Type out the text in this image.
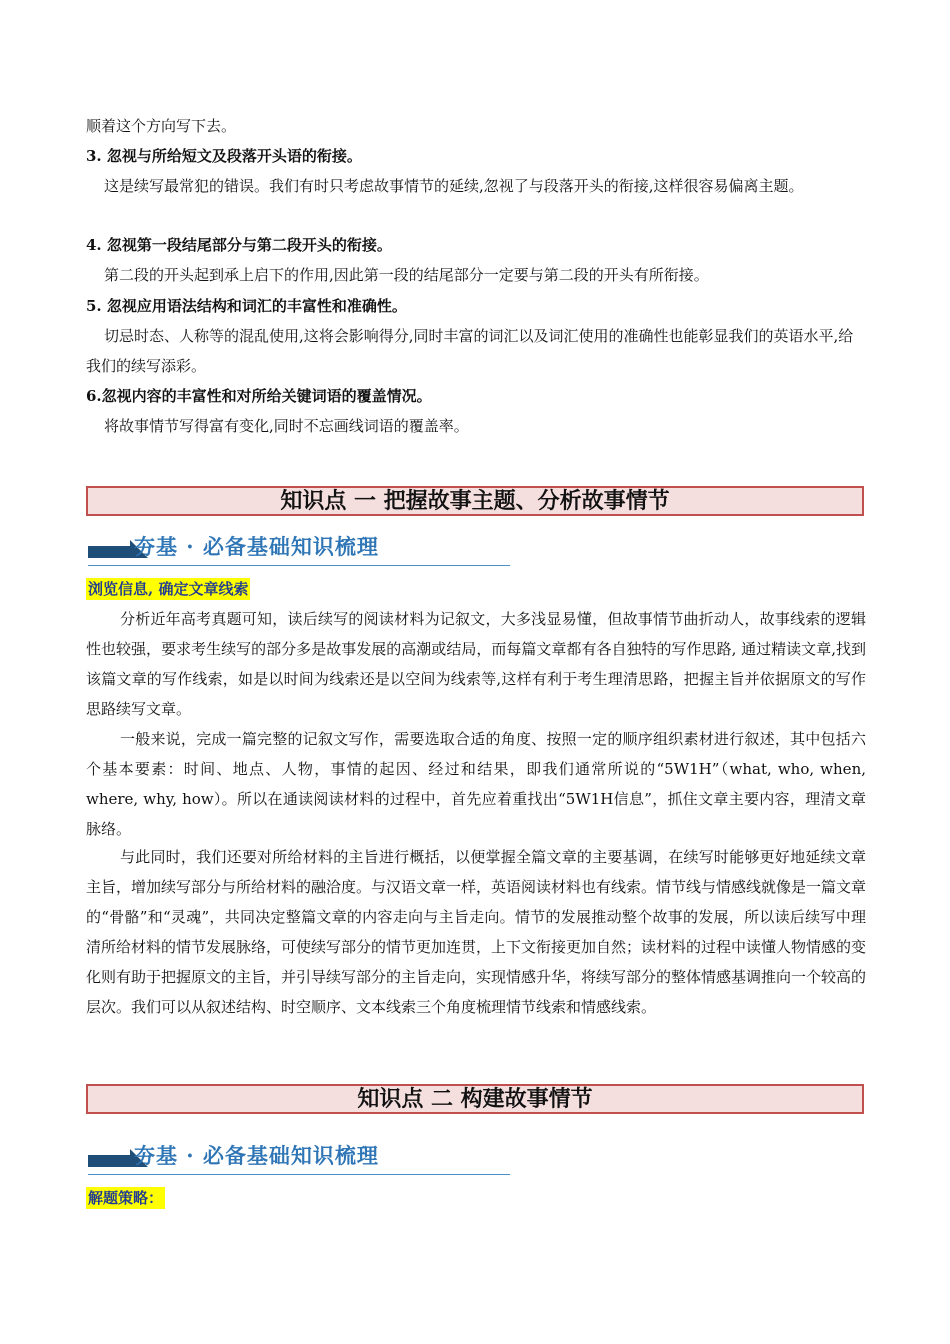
顺着这个方向写下去。
3. 忽视与所给短文及段落开头语的衔接。
这是续写最常犯的错误。我们有时只考虑故事情节的延续,忽视了与段落开头的衔接,这样很容易偏离主题。
4. 忽视第一段结尾部分与第二段开头的衔接。
第二段的开头起到承上启下的作用,因此第一段的结尾部分一定要与第二段的开头有所衔接。
5. 忽视应用语法结构和词汇的丰富性和准确性。
切忌时态、人称等的混乱使用,这将会影响得分,同时丰富的词汇以及词汇使用的准确性也能彰显我们的英语水平,给我们的续写添彩。
6.忽视内容的丰富性和对所给关键词语的覆盖情况。
将故事情节写得富有变化,同时不忘画线词语的覆盖率。
知识点 一 把握故事主题、分析故事情节
夯基 · 必备基础知识梳理
浏览信息, 确定文章线索
分析近年高考真题可知，读后续写的阅读材料为记叙文，大多浅显易懂，但故事情节曲折动人，故事线索的逻辑性也较强，要求考生续写的部分多是故事发展的高潮或结局，而每篇文章都有各自独特的写作思路, 通过精读文章,找到该篇文章的写作线索，如是以时间为线索还是以空间为线索等,这样有利于考生理清思路，把握主旨并依据原文的写作思路续写文章。
一般来说，完成一篇完整的记叙文写作，需要选取合适的角度、按照一定的顺序组织素材进行叙述，其中包括六个基本要素：时间、地点、人物，事情的起因、经过和结果，即我们通常所说的“5W1H”（what, who, when, where, why, how）。所以在通读阅读材料的过程中，首先应着重找出“5W1H信息”，抓住文章主要内容，理清文章脉络。
与此同时，我们还要对所给材料的主旨进行概括，以便掌握全篇文章的主要基调，在续写时能够更好地延续文章主旨，增加续写部分与所给材料的融洽度。与汉语文章一样，英语阅读材料也有线索。情节线与情感线就像是一篇文章的“骨骼”和“灵魂”，共同决定整篇文章的内容走向与主旨走向。情节的发展推动整个故事的发展，所以读后续写中理清所给材料的情节发展脉络，可使续写部分的情节更加连贯，上下文衔接更加自然；读材料的过程中读懂人物情感的变化则有助于把握原文的主旨，并引导续写部分的主旨走向，实现情感升华，将续写部分的整体情感基调推向一个较高的层次。我们可以从叙述结构、时空顺序、文本线索三个角度梳理情节线索和情感线索。
知识点 二 构建故事情节
夯基 · 必备基础知识梳理
解题策略：
